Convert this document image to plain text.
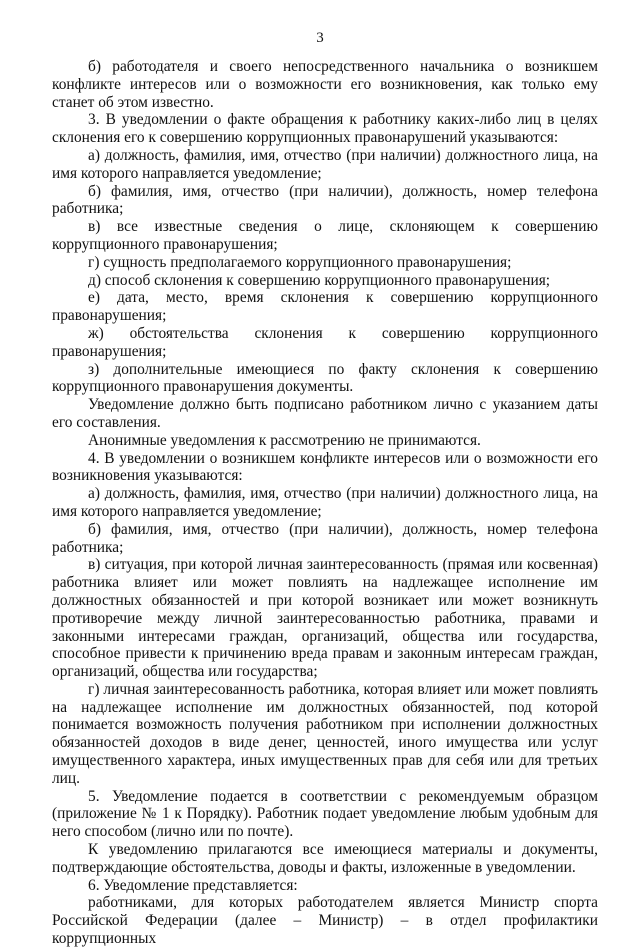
3

б) работодателя и своего непосредственного начальника о возникшем конфликте интересов или о возможности его возникновения, как только ему станет об этом известно.

3. В уведомлении о факте обращения к работнику каких-либо лиц в целях склонения его к совершению коррупционных правонарушений указываются:

а) должность, фамилия, имя, отчество (при наличии) должностного лица, на имя которого направляется уведомление;

б) фамилия, имя, отчество (при наличии), должность, номер телефона работника;

в) все известные сведения о лице, склоняющем к совершению коррупционного правонарушения;

г) сущность предполагаемого коррупционного правонарушения;

д) способ склонения к совершению коррупционного правонарушения;

е) дата, место, время склонения к совершению коррупционного правонарушения;

ж) обстоятельства склонения к совершению коррупционного правонарушения;

з) дополнительные имеющиеся по факту склонения к совершению коррупционного правонарушения документы.

Уведомление должно быть подписано работником лично с указанием даты его составления.

Анонимные уведомления к рассмотрению не принимаются.

4. В уведомлении о возникшем конфликте интересов или о возможности его возникновения указываются:

а) должность, фамилия, имя, отчество (при наличии) должностного лица, на имя которого направляется уведомление;

б) фамилия, имя, отчество (при наличии), должность, номер телефона работника;

в) ситуация, при которой личная заинтересованность (прямая или косвенная) работника влияет или может повлиять на надлежащее исполнение им должностных обязанностей и при которой возникает или может возникнуть противоречие между личной заинтересованностью работника, правами и законными интересами граждан, организаций, общества или государства, способное привести к причинению вреда правам и законным интересам граждан, организаций, общества или государства;

г) личная заинтересованность работника, которая влияет или может повлиять на надлежащее исполнение им должностных обязанностей, под которой понимается возможность получения работником при исполнении должностных обязанностей доходов в виде денег, ценностей, иного имущества или услуг имущественного характера, иных имущественных прав для себя или для третьих лиц.

5. Уведомление подается в соответствии с рекомендуемым образцом (приложение № 1 к Порядку). Работник подает уведомление любым удобным для него способом (лично или по почте).

К уведомлению прилагаются все имеющиеся материалы и документы, подтверждающие обстоятельства, доводы и факты, изложенные в уведомлении.

6. Уведомление представляется:

работниками, для которых работодателем является Министр спорта Российской Федерации (далее – Министр) – в отдел профилактики коррупционных
